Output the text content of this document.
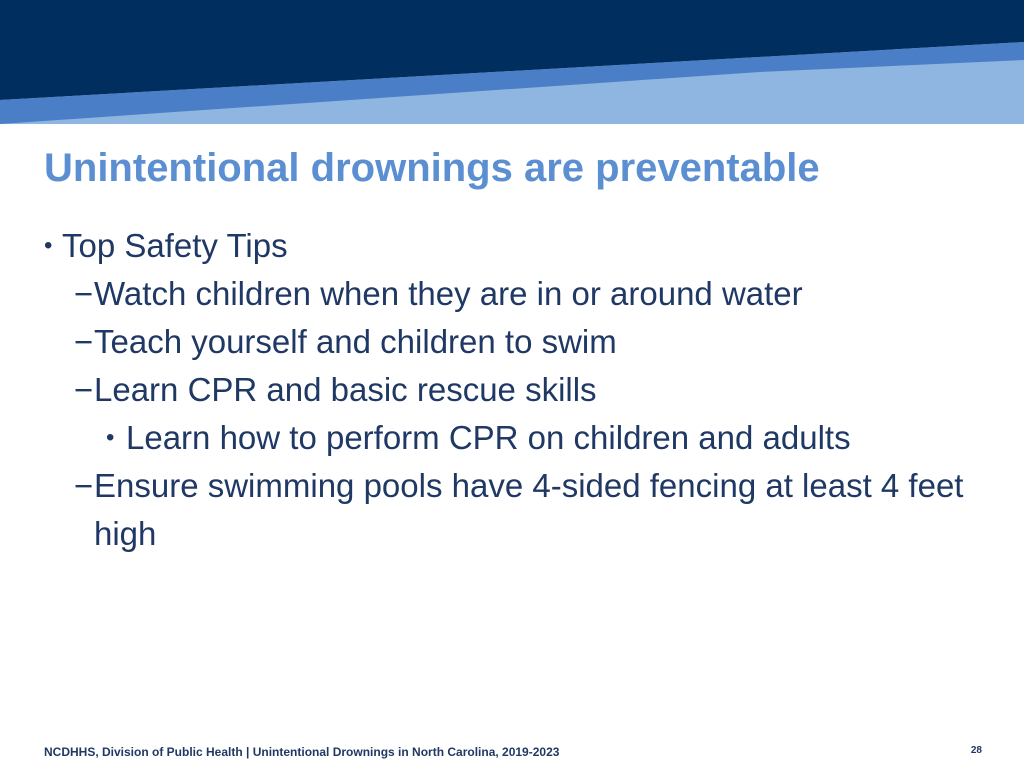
Unintentional drownings are preventable
• Top Safety Tips
− Watch children when they are in or around water
− Teach yourself and children to swim
− Learn CPR and basic rescue skills
• Learn how to perform CPR on children and adults
− Ensure swimming pools have 4-sided fencing at least 4 feet high
NCDHHS, Division of Public Health | Unintentional Drownings in North Carolina, 2019-2023	28
